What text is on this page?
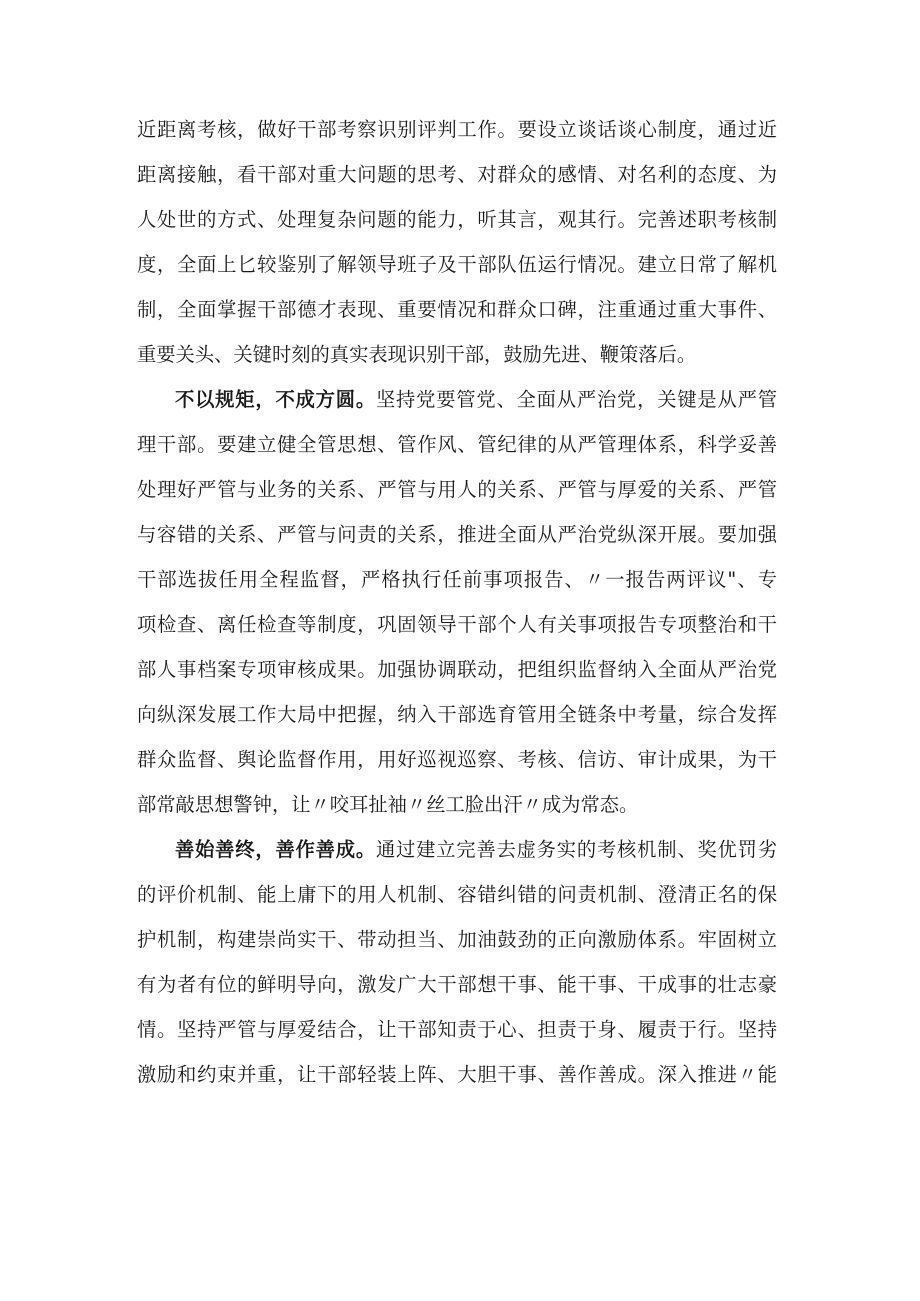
近距离考核，做好干部考察识别评判工作。要设立谈话谈心制度，通过近
距离接触，看干部对重大问题的思考、对群众的感情、对名利的态度、为
人处世的方式、处理复杂问题的能力，听其言，观其行。完善述职考核制
度，全面上匕较鉴别了解领导班子及干部队伍运行情况。建立日常了解机
制，全面掌握干部德才表现、重要情况和群众口碑，注重通过重大事件、
重要关头、关键时刻的真实表现识别干部，鼓励先进、鞭策落后。
不以规矩，不成方圆。坚持党要管党、全面从严治党，关键是从严管
理干部。要建立健全管思想、管作风、管纪律的从严管理体系，科学妥善
处理好严管与业务的关系、严管与用人的关系、严管与厚爱的关系、严管
与容错的关系、严管与问责的关系，推进全面从严治党纵深开展。要加强
干部选拔任用全程监督，严格执行任前事项报告、〃一报告两评议"、专
项检查、离任检查等制度，巩固领导干部个人有关事项报告专项整治和干
部人事档案专项审核成果。加强协调联动，把组织监督纳入全面从严治党
向纵深发展工作大局中把握，纳入干部选育管用全链条中考量，综合发挥
群众监督、舆论监督作用，用好巡视巡察、考核、信访、审计成果，为干
部常敲思想警钟，让〃咬耳扯袖〃丝工脸出汗〃成为常态。
善始善终，善作善成。通过建立完善去虚务实的考核机制、奖优罚劣
的评价机制、能上庸下的用人机制、容错纠错的问责机制、澄清正名的保
护机制，构建崇尚实干、带动担当、加油鼓劲的正向激励体系。牢固树立
有为者有位的鲜明导向，激发广大干部想干事、能干事、干成事的壮志豪
情。坚持严管与厚爱结合，让干部知责于心、担责于身、履责于行。坚持
激励和约束并重，让干部轻装上阵、大胆干事、善作善成。深入推进〃能
